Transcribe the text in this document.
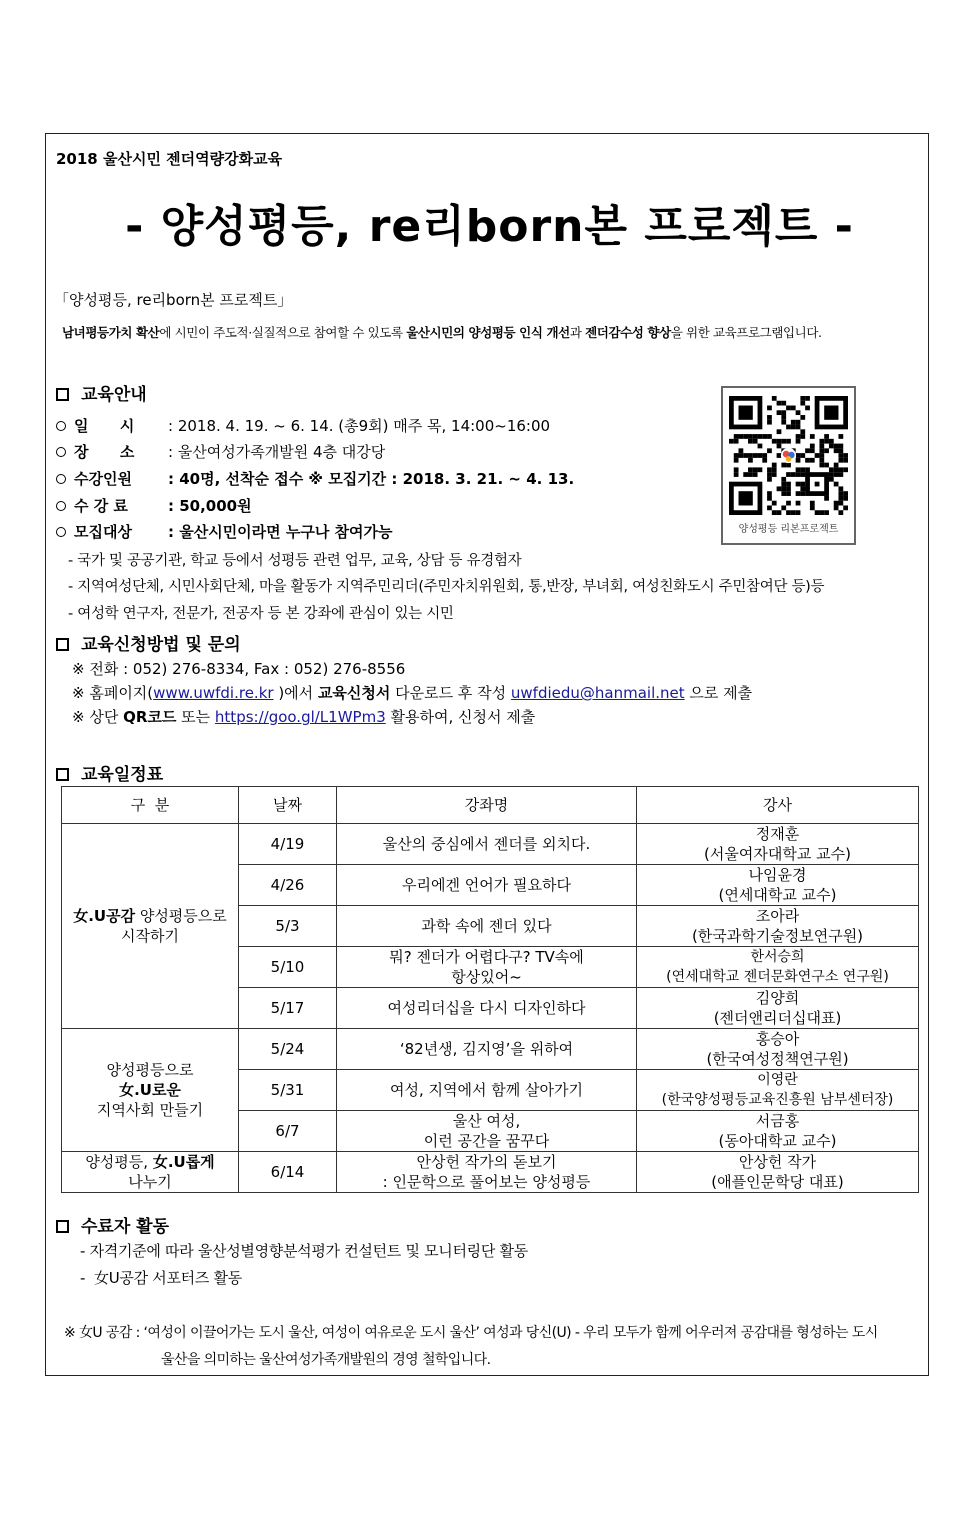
2018 울산시민 젠더역량강화교육
- 양성평등, re리born본 프로젝트 -
「양성평등, re리born본 프로젝트」
남녀평등가치 확산에 시민이 주도적·실질적으로 참여할 수 있도록 울산시민의 양성평등 인식 개선과 젠더감수성 향상을 위한 교육프로그램입니다.
교육안내
일      시 : 2018. 4. 19. ~ 6. 14. (총9회) 매주 목, 14:00~16:00
장      소 : 울산여성가족개발원 4층 대강당
수강인원 : 40명, 선착순 접수 ※ 모집기간 : 2018. 3. 21. ~ 4. 13.
수 강 료	: 50,000원
모집대상 : 울산시민이라면 누구나 참여가능
- 국가 및 공공기관, 학교 등에서 성평등 관련 업무, 교육, 상담 등 유경험자
- 지역여성단체, 시민사회단체, 마을 활동가 지역주민리더(주민자치위원회, 통,반장, 부녀회, 여성친화도시 주민참여단 등)등
- 여성학 연구자, 전문가, 전공자 등 본 강좌에 관심이 있는 시민
양성평등 리본프로젝트
교육신청방법 및 문의
※ 전화 : 052) 276-8334, Fax : 052) 276-8556
※ 홈페이지(www.uwfdi.re.kr )에서 교육신청서 다운로드 후 작성 uwfdiedu@hanmail.net 으로 제출
※ 상단 QR코드 또는 https://goo.gl/L1WPm3 활용하여, 신청서 제출
교육일정표
구  분	날짜	강좌명	강사
女.U공감 양성평등으로
시작하기	4/19	울산의 중심에서 젠더를 외치다.	정재훈
(서울여자대학교 교수)
	4/26	우리에겐 언어가 필요하다	나임윤경
(연세대학교 교수)
	5/3	과학 속에 젠더 있다	조아라
(한국과학기술정보연구원)
	5/10	뭐? 젠더가 어렵다구? TV속에
항상있어~	한서승희
(연세대학교 젠더문화연구소 연구원)
	5/17	여성리더십을 다시 디자인하다	김양희
(젠더앤리더십대표)
양성평등으로
女.U로운
지역사회 만들기	5/24	‘82년생, 김지영’을 위하여	홍승아
(한국여성정책연구원)
	5/31	여성, 지역에서 함께 살아가기	이영란
(한국양성평등교육진흥원 남부센터장)
	6/7	울산 여성,
이런 공간을 꿈꾸다	서금홍
(동아대학교 교수)
양성평등, 女.U롭게
나누기	6/14	안상헌 작가의 돋보기
: 인문학으로 풀어보는 양성평등	안상헌 작가
(애플인문학당 대표)
수료자 활동
- 자격기준에 따라 울산성별영향분석평가 컨설턴트 및 모니터링단 활동
-  女U공감 서포터즈 활동
※ 女U 공감 : ‘여성이 이끌어가는 도시 울산, 여성이 여유로운 도시 울산’ 여성과 당신(U) - 우리 모두가 함께 어우러져 공감대를 형성하는 도시
울산을 의미하는 울산여성가족개발원의 경영 철학입니다.
